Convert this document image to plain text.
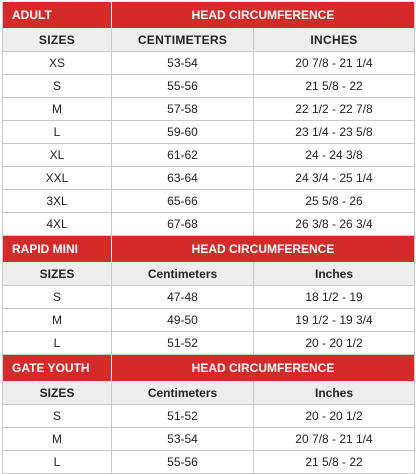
ADULT	HEAD CIRCUMFERENCE
SIZES	CENTIMETERS	INCHES
XS	53-54	20 7/8 - 21 1/4
S	55-56	21 5/8 - 22
M	57-58	22 1/2 - 22 7/8
L	59-60	23 1/4 - 23 5/8
XL	61-62	24 - 24 3/8
XXL	63-64	24 3/4 - 25 1/4
3XL	65-66	25 5/8 - 26
4XL	67-68	26 3/8 - 26 3/4
RAPID MINI	HEAD CIRCUMFERENCE
SIZES	Centimeters	Inches
S	47-48	18 1/2 - 19
M	49-50	19 1/2 - 19 3/4
L	51-52	20 - 20 1/2
GATE YOUTH	HEAD CIRCUMFERENCE
SIZES	Centimeters	Inches
S	51-52	20 - 20 1/2
M	53-54	20 7/8 - 21 1/4
L	55-56	21 5/8 - 22
